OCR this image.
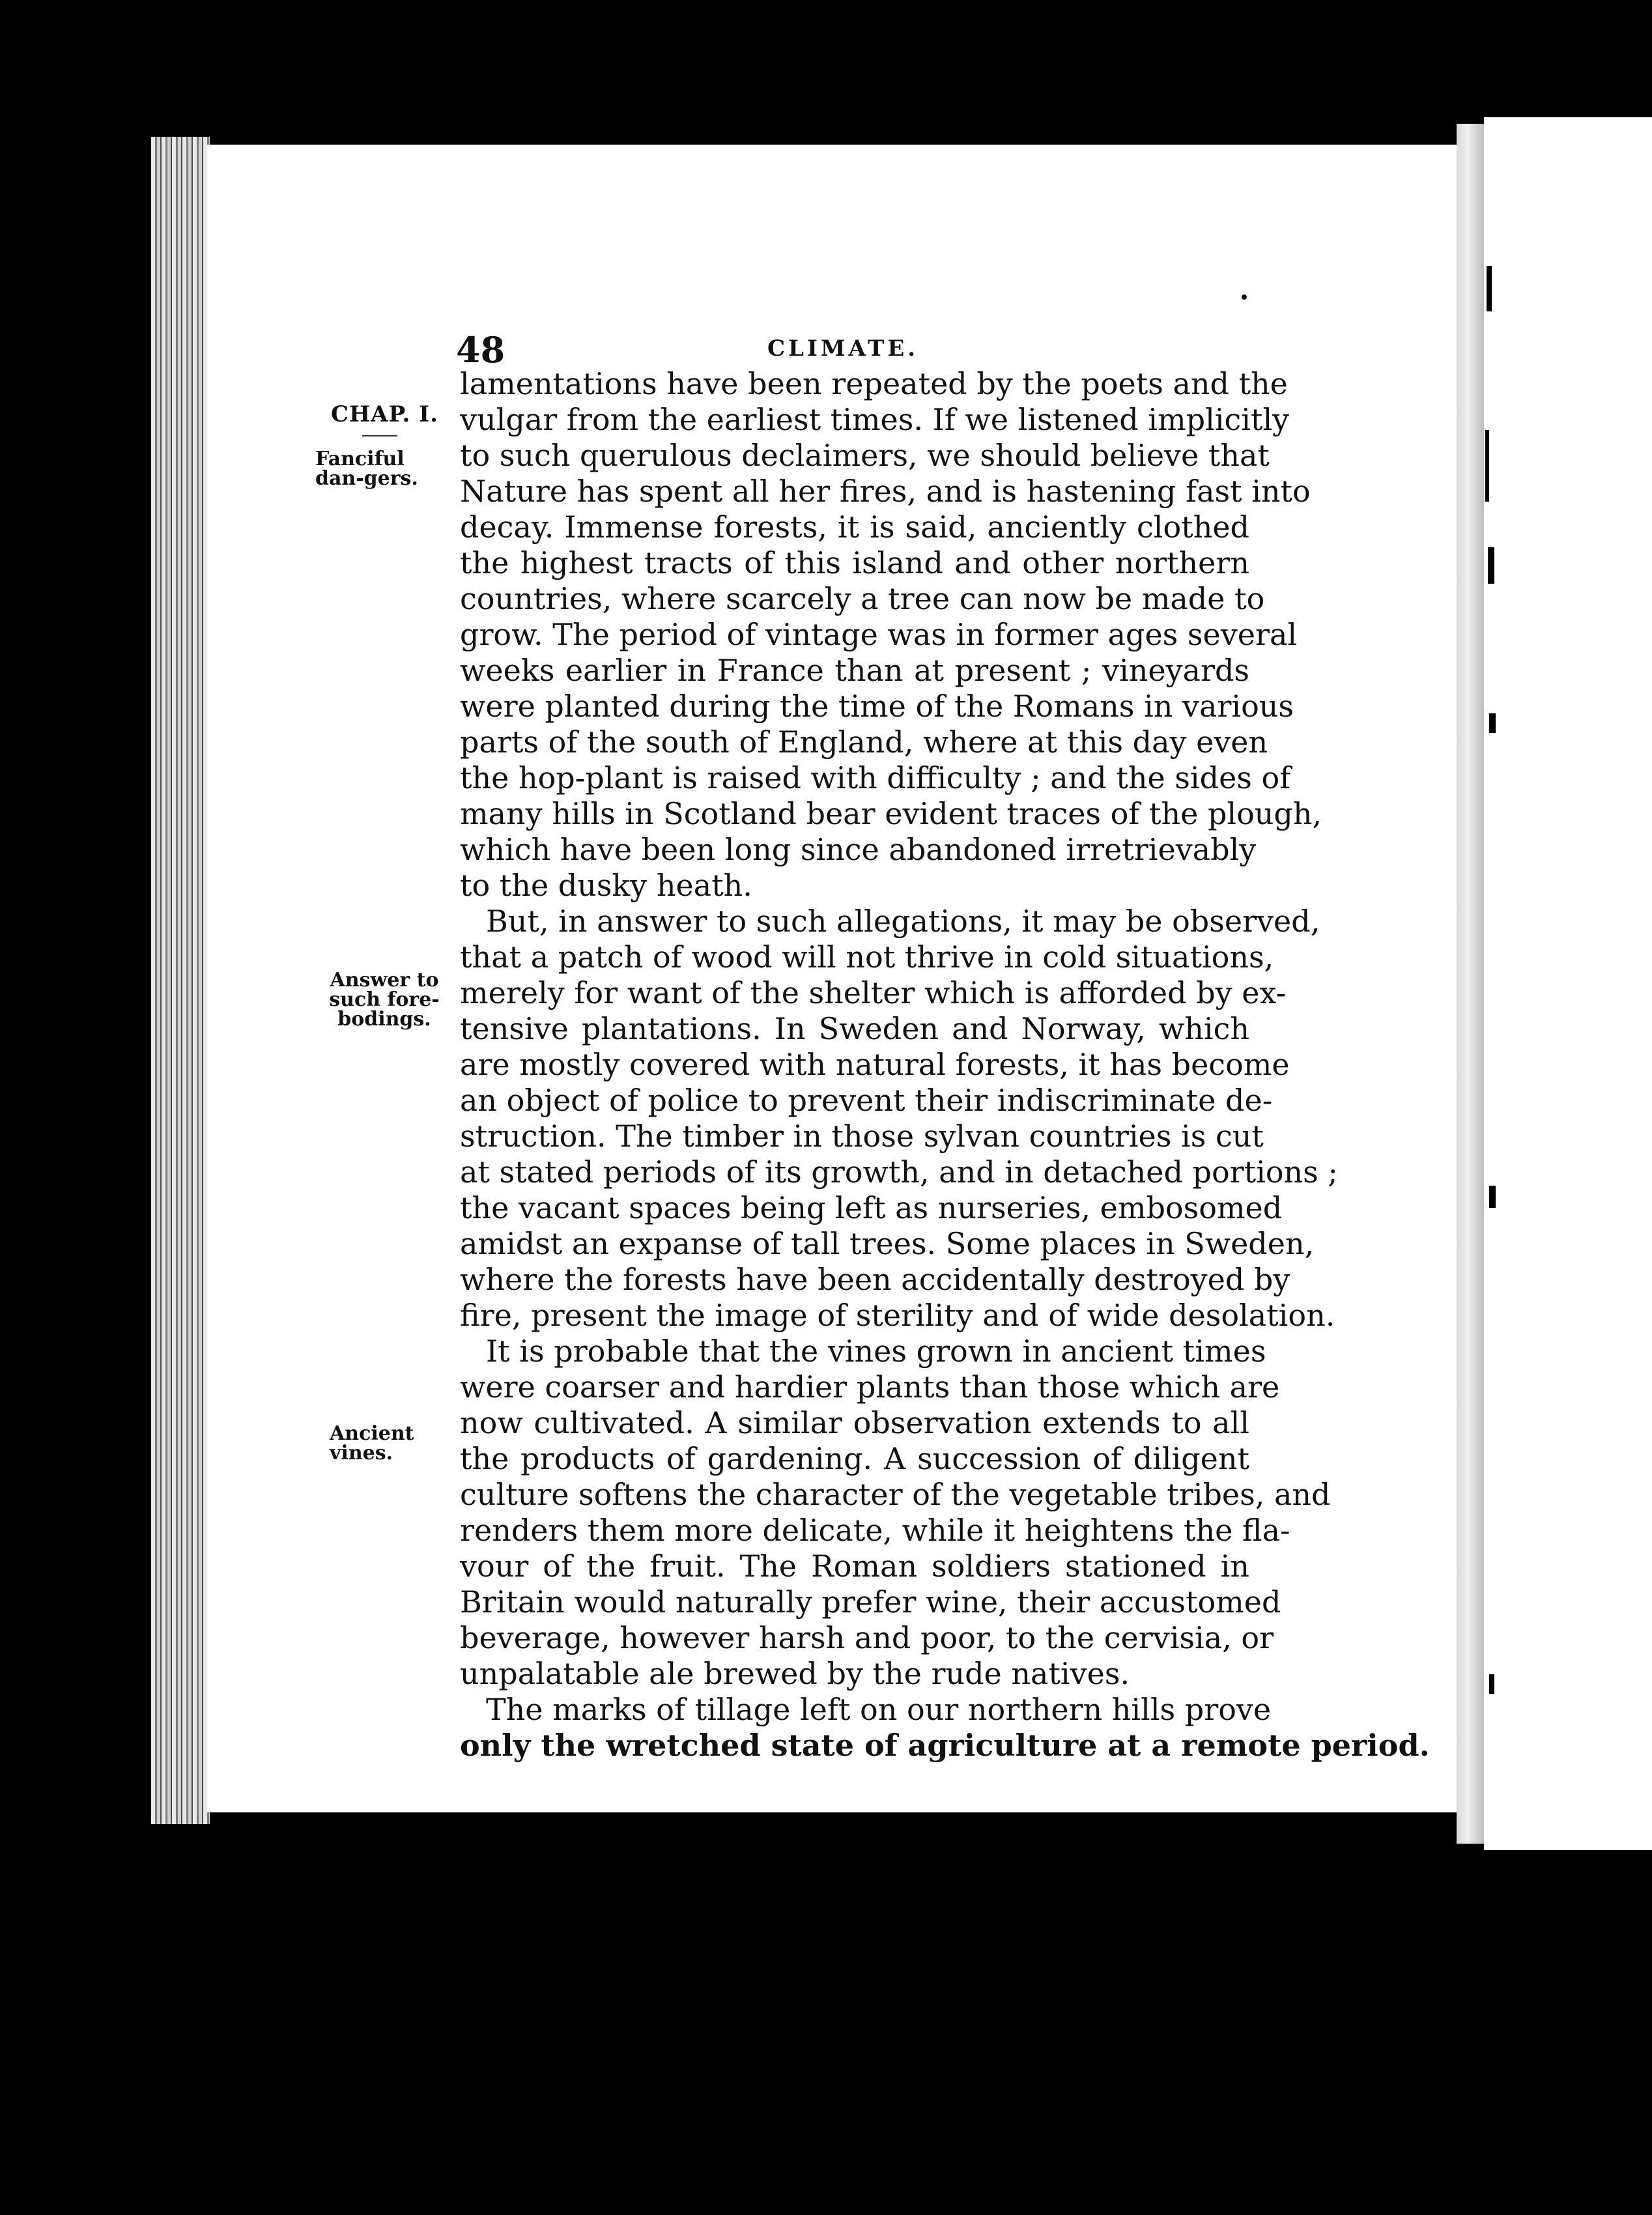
48	CLIMATE.
CHAP. I.
Fanciful dan-gers.
Answer to such fore-bodings.
Ancient vines.
lamentations have been repeated by the poets and the
vulgar from the earliest times. If we listened implicitly
to such querulous declaimers, we should believe that
Nature has spent all her fires, and is hastening fast into
decay. Immense forests, it is said, anciently clothed
the highest tracts of this island and other northern
countries, where scarcely a tree can now be made to
grow. The period of vintage was in former ages several
weeks earlier in France than at present ; vineyards
were planted during the time of the Romans in various
parts of the south of England, where at this day even
the hop-plant is raised with difficulty ; and the sides of
many hills in Scotland bear evident traces of the plough,
which have been long since abandoned irretrievably
to the dusky heath.
But, in answer to such allegations, it may be observed,
that a patch of wood will not thrive in cold situations,
merely for want of the shelter which is afforded by ex-
tensive plantations. In Sweden and Norway, which
are mostly covered with natural forests, it has become
an object of police to prevent their indiscriminate de-
struction. The timber in those sylvan countries is cut
at stated periods of its growth, and in detached portions ;
the vacant spaces being left as nurseries, embosomed
amidst an expanse of tall trees. Some places in Sweden,
where the forests have been accidentally destroyed by
fire, present the image of sterility and of wide desolation.
It is probable that the vines grown in ancient times
were coarser and hardier plants than those which are
now cultivated. A similar observation extends to all
the products of gardening. A succession of diligent
culture softens the character of the vegetable tribes, and
renders them more delicate, while it heightens the fla-
vour of the fruit. The Roman soldiers stationed in
Britain would naturally prefer wine, their accustomed
beverage, however harsh and poor, to the cervisia, or
unpalatable ale brewed by the rude natives.
The marks of tillage left on our northern hills prove
only the wretched state of agriculture at a remote period.
